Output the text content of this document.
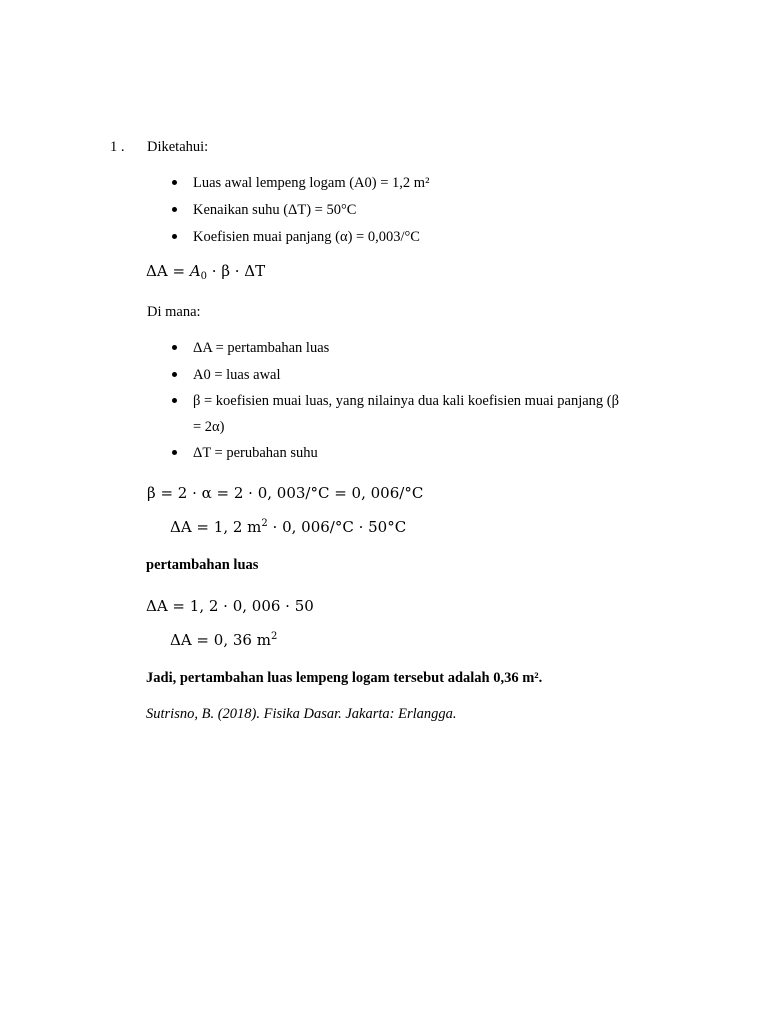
1 . Diketahui:
Luas awal lempeng logam (A0) = 1,2 m²
Kenaikan suhu (ΔT) = 50°C
Koefisien muai panjang (α) = 0,003/°C
$\Delta A = A_0 \cdot \beta \cdot \Delta T$
Di mana:
ΔA = pertambahan luas
A0 = luas awal
β = koefisien muai luas, yang nilainya dua kali koefisien muai panjang (β
= 2α)
ΔT = perubahan suhu
β = 2 · α = 2 · 0, 003/°C = 0, 006/°C
ΔA = 1, 2 $m^2 \cdot 0$, 006/°C · 50°C
pertambahan luas
ΔA = 1, 2 · 0, 006 · 50
ΔA = 0, 36 $m^2$
Jadi, pertambahan luas lempeng logam tersebut adalah 0,36 m².
Sutrisno, B. (2018). Fisika Dasar. Jakarta: Erlangga.
